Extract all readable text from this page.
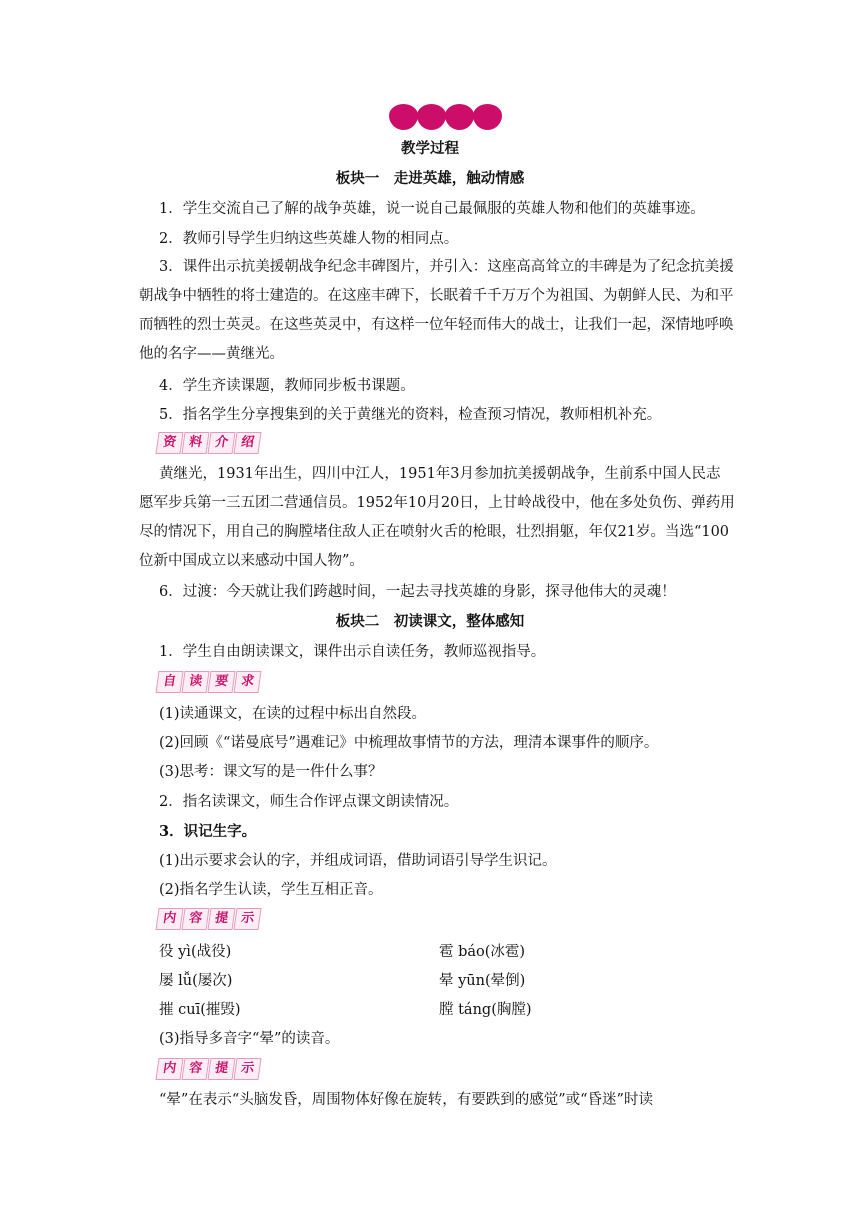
教学过程
板块一　走进英雄，触动情感
1．学生交流自己了解的战争英雄，说一说自己最佩服的英雄人物和他们的英雄事迹。
2．教师引导学生归纳这些英雄人物的相同点。
3．课件出示抗美援朝战争纪念丰碑图片，并引入：这座高高耸立的丰碑是为了纪念抗美援朝战争中牺牲的将士建造的。在这座丰碑下，长眠着千千万万个为祖国、为朝鲜人民、为和平而牺牲的烈士英灵。在这些英灵中，有这样一位年轻而伟大的战士，让我们一起，深情地呼唤他的名字——黄继光。
4．学生齐读课题，教师同步板书课题。
5．指名学生分享搜集到的关于黄继光的资料，检查预习情况，教师相机补充。
资 料 介 绍
黄继光，1931年出生，四川中江人，1951年3月参加抗美援朝战争，生前系中国人民志愿军步兵第一三五团二营通信员。1952年10月20日，上甘岭战役中，他在多处负伤、弹药用尽的情况下，用自己的胸膛堵住敌人正在喷射火舌的枪眼，壮烈捐躯，年仅21岁。当选“100位新中国成立以来感动中国人物”。
6．过渡：今天就让我们跨越时间，一起去寻找英雄的身影，探寻他伟大的灵魂！
板块二　初读课文，整体感知
1．学生自由朗读课文，课件出示自读任务，教师巡视指导。
自 读 要 求
(1)读通课文，在读的过程中标出自然段。
(2)回顾《“诺曼底号”遇难记》中梳理故事情节的方法，理清本课事件的顺序。
(3)思考：课文写的是一件什么事？
2．指名读课文，师生合作评点课文朗读情况。
3．识记生字。
(1)出示要求会认的字，并组成词语，借助词语引导学生识记。
(2)指名学生认读，学生互相正音。
内 容 提 示
役 yì(战役)	雹 báo(冰雹)
屡 lǚ(屡次)	晕 yūn(晕倒)
摧 cuī(摧毁)	膛 táng(胸膛)
(3)指导多音字“晕”的读音。
内 容 提 示
“晕”在表示“头脑发昏，周围物体好像在旋转，有要跌到的感觉”或“昏迷”时读
